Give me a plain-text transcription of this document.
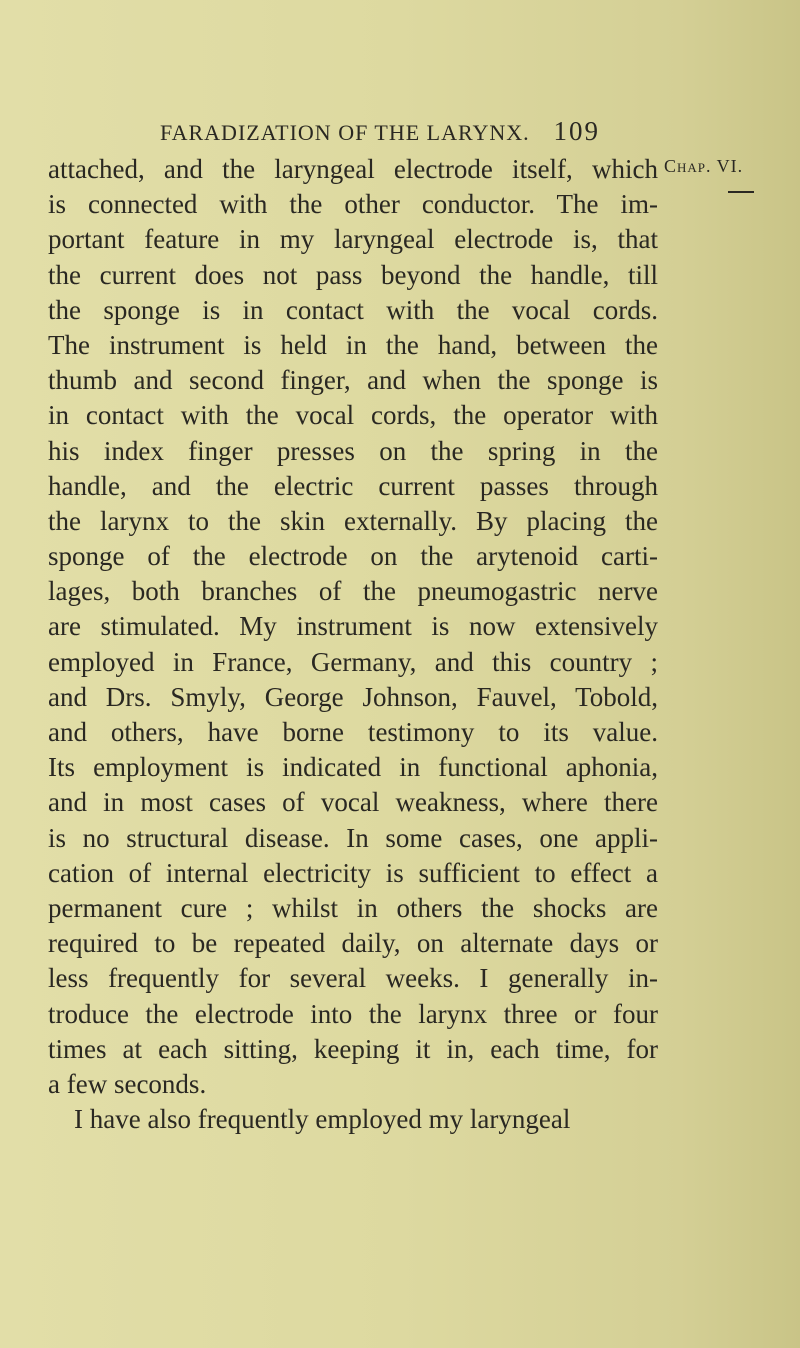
FARADIZATION OF THE LARYNX. 109
Chap. VI.
attached, and the laryngeal electrode itself, which
is connected with the other conductor. The im-
portant feature in my laryngeal electrode is, that
the current does not pass beyond the handle, till
the sponge is in contact with the vocal cords.
The instrument is held in the hand, between the
thumb and second finger, and when the sponge is
in contact with the vocal cords, the operator with
his index finger presses on the spring in the
handle, and the electric current passes through
the larynx to the skin externally. By placing the
sponge of the electrode on the arytenoid carti-
lages, both branches of the pneumogastric nerve
are stimulated. My instrument is now extensively
employed in France, Germany, and this country ;
and Drs. Smyly, George Johnson, Fauvel, Tobold,
and others, have borne testimony to its value.
Its employment is indicated in functional aphonia,
and in most cases of vocal weakness, where there
is no structural disease. In some cases, one appli-
cation of internal electricity is sufficient to effect a
permanent cure ; whilst in others the shocks are
required to be repeated daily, on alternate days or
less frequently for several weeks. I generally in-
troduce the electrode into the larynx three or four
times at each sitting, keeping it in, each time, for
a few seconds.
I have also frequently employed my laryngeal
